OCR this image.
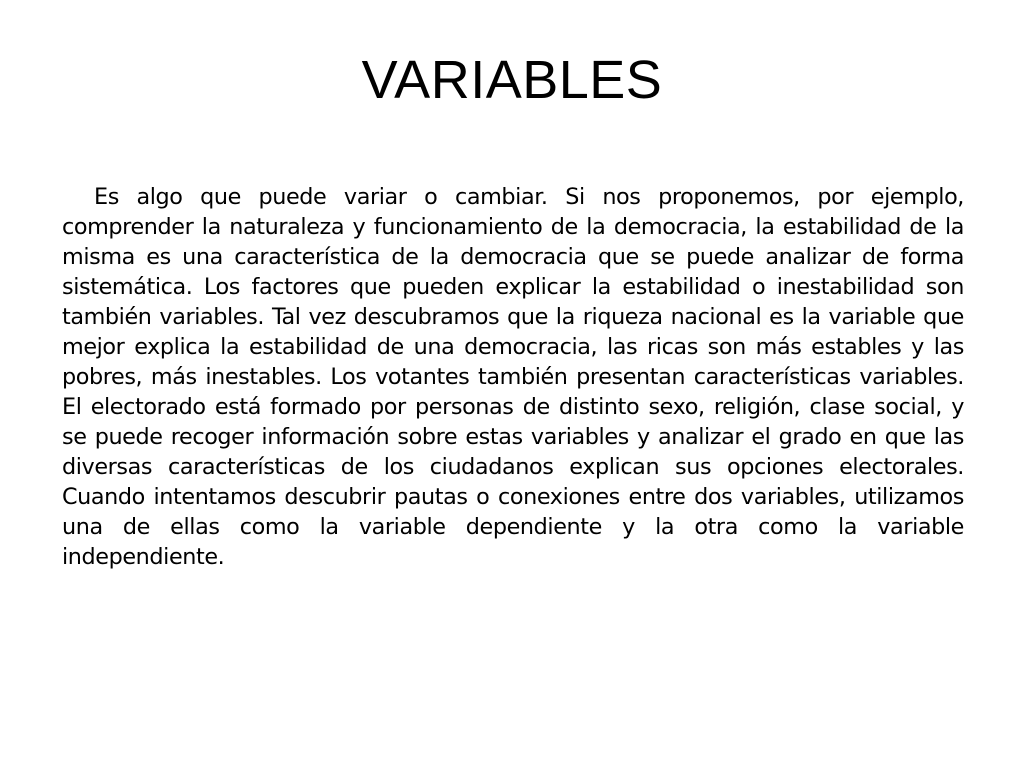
VARIABLES

Es algo que puede variar o cambiar. Si nos proponemos, por ejemplo, comprender la naturaleza y funcionamiento de la democracia, la estabilidad de la misma es una característica de la democracia que se puede analizar de forma sistemática. Los factores que pueden explicar la estabilidad o inestabilidad son también variables. Tal vez descubramos que la riqueza nacional es la variable que mejor explica la estabilidad de una democracia, las ricas son más estables y las pobres, más inestables. Los votantes también presentan características variables. El electorado está formado por personas de distinto sexo, religión, clase social, y se puede recoger información sobre estas variables y analizar el grado en que las diversas características de los ciudadanos explican sus opciones electorales. Cuando intentamos descubrir pautas o conexiones entre dos variables, utilizamos una de ellas como la variable dependiente y la otra como la variable independiente.
